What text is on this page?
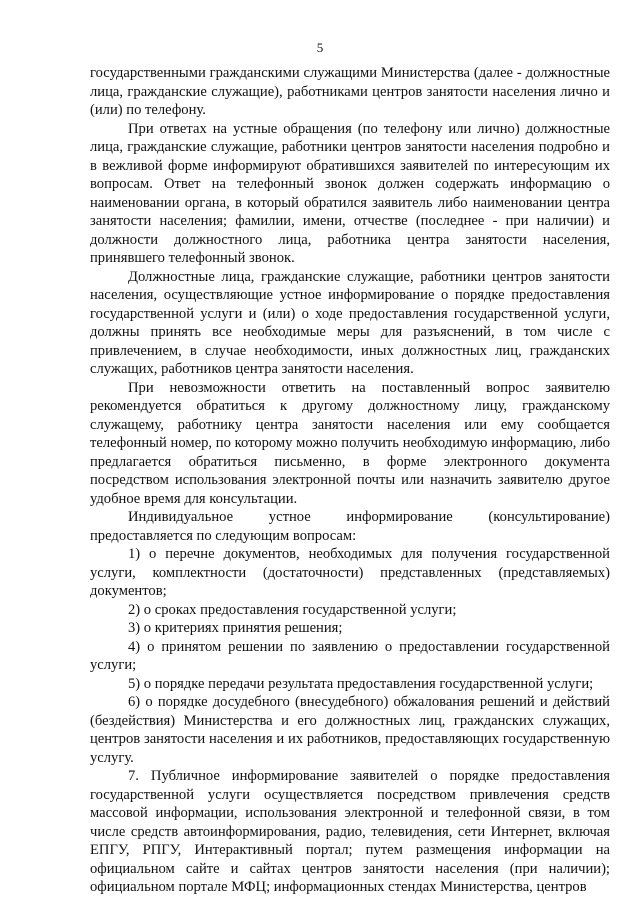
5

государственными гражданскими служащими Министерства (далее - должностные лица, гражданские служащие), работниками центров занятости населения лично и (или) по телефону.

При ответах на устные обращения (по телефону или лично) должностные лица, гражданские служащие, работники центров занятости населения подробно и в вежливой форме информируют обратившихся заявителей по интересующим их вопросам. Ответ на телефонный звонок должен содержать информацию о наименовании органа, в который обратился заявитель либо наименовании центра занятости населения; фамилии, имени, отчестве (последнее - при наличии) и должности должностного лица, работника центра занятости населения, принявшего телефонный звонок.

Должностные лица, гражданские служащие, работники центров занятости населения, осуществляющие устное информирование о порядке предоставления государственной услуги и (или) о ходе предоставления государственной услуги, должны принять все необходимые меры для разъяснений, в том числе с привлечением, в случае необходимости, иных должностных лиц, гражданских служащих, работников центра занятости населения.

При невозможности ответить на поставленный вопрос заявителю рекомендуется обратиться к другому должностному лицу, гражданскому служащему, работнику центра занятости населения или ему сообщается телефонный номер, по которому можно получить необходимую информацию, либо предлагается обратиться письменно, в форме электронного документа посредством использования электронной почты или назначить заявителю другое удобное время для консультации.

Индивидуальное устное информирование (консультирование) предоставляется по следующим вопросам:

1) о перечне документов, необходимых для получения государственной услуги, комплектности (достаточности) представленных (представляемых) документов;

2) о сроках предоставления государственной услуги;

3) о критериях принятия решения;

4) о принятом решении по заявлению о предоставлении государственной услуги;

5) о порядке передачи результата предоставления государственной услуги;

6) о порядке досудебного (внесудебного) обжалования решений и действий (бездействия) Министерства и его должностных лиц, гражданских служащих, центров занятости населения и их работников, предоставляющих государственную услугу.

7. Публичное информирование заявителей о порядке предоставления государственной услуги осуществляется посредством привлечения средств массовой информации, использования электронной и телефонной связи, в том числе средств автоинформирования, радио, телевидения, сети Интернет, включая ЕПГУ, РПГУ, Интерактивный портал; путем размещения информации на официальном сайте и сайтах центров занятости населения (при наличии); официальном портале МФЦ; информационных стендах Министерства, центров
